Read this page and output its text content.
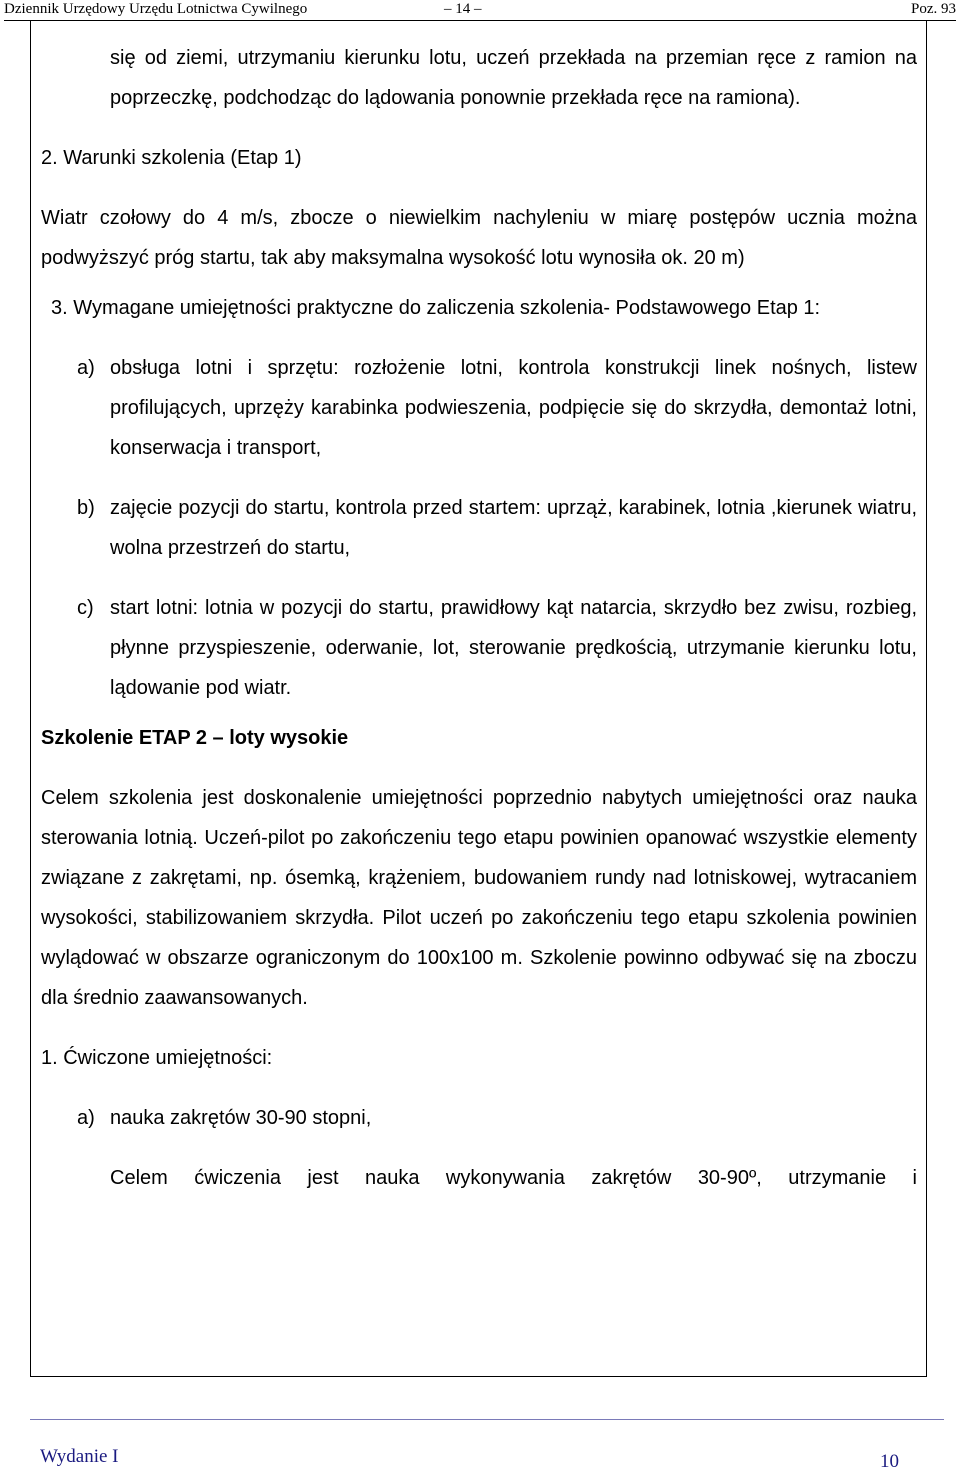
Dziennik Urzędowy Urzędu Lotnictwa Cywilnego	– 14 –	Poz. 93

się od ziemi, utrzymaniu kierunku lotu, uczeń przekłada na przemian ręce z ramion na poprzeczkę, podchodząc do lądowania ponownie przekłada ręce na ramiona).

2. Warunki szkolenia (Etap 1)

Wiatr czołowy do 4 m/s, zbocze o niewielkim nachyleniu w miarę postępów ucznia można podwyższyć próg startu, tak aby maksymalna wysokość lotu wynosiła ok. 20 m)

3. Wymagane umiejętności praktyczne do zaliczenia szkolenia- Podstawowego Etap 1:

a) obsługa lotni i sprzętu: rozłożenie lotni, kontrola konstrukcji linek nośnych, listew profilujących, uprzęży karabinka podwieszenia, podpięcie się do skrzydła, demontaż lotni, konserwacja i transport,
b) zajęcie pozycji do startu, kontrola przed startem: uprząż, karabinek, lotnia ,kierunek wiatru, wolna przestrzeń do startu,
c) start lotni: lotnia w pozycji do startu, prawidłowy kąt natarcia, skrzydło bez zwisu, rozbieg, płynne przyspieszenie, oderwanie, lot, sterowanie prędkością, utrzymanie kierunku lotu, lądowanie pod wiatr.

Szkolenie ETAP 2 – loty wysokie

Celem szkolenia jest doskonalenie umiejętności poprzednio nabytych umiejętności oraz nauka sterowania lotnią. Uczeń-pilot po zakończeniu tego etapu powinien opanować wszystkie elementy związane z zakrętami, np. ósemką, krążeniem, budowaniem rundy nad lotniskowej, wytracaniem wysokości, stabilizowaniem skrzydła. Pilot uczeń po zakończeniu tego etapu szkolenia powinien wylądować w obszarze ograniczonym do 100x100 m. Szkolenie powinno odbywać się na zboczu dla średnio zaawansowanych.

1. Ćwiczone umiejętności:

a) nauka zakrętów 30-90 stopni,

Celem ćwiczenia jest nauka wykonywania zakrętów 30-90º, utrzymanie i

Wydanie I	10
